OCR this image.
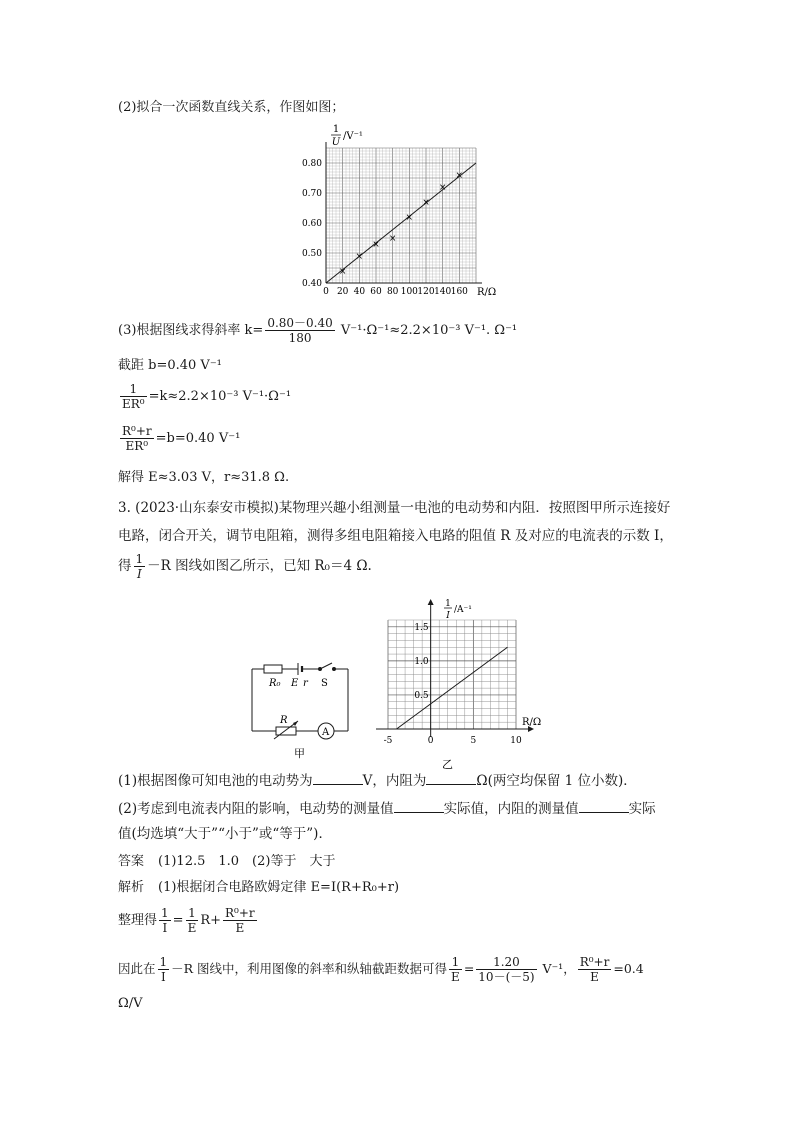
(2)拟合一次函数直线关系，作图如图；
0 20 40 60 80 100 120 140 160
0.40
0.50
0.60
0.70
0.80
×
×
×
×
×
×
×
×
1
U
/V⁻¹
R/Ω
(3)根据图线求得斜率 $k= \frac{0.80-0.40}{180} V^{-1}\cdot\Omega^{-1}\approx 2.2\times 10^{-3}$ V⁻¹. Ω⁻¹
截距 b=0.40 V⁻¹
$\frac{1}{\text{ER⁰}} =k\approx 2.2\times 10^{-3}$ V⁻¹·Ω⁻¹
$\frac{\text{R⁰+r}}{\text{ER⁰}} =b=0.40$ V⁻¹
解得 E≈3.03 V，r≈31.8 Ω.
3. (2023·山东泰安市模拟)某物理兴趣小组测量一电池的电动势和内阻．按照图甲所示连接好
电路，闭合开关，调节电阻箱，测得多组电阻箱接入电路的阻值 R 及对应的电流表的示数 I，
得 $\frac{1}{I} -R$ 图线如图乙所示，已知 R₀＝4 Ω.
R₀ E r S
R
A
甲
-5	0	5	10
0.5
1.0
1.5
1
I
/A⁻¹
R/Ω
乙
(1)根据图像可知电池的电动势为	V，内阻为	Ω(两空均保留 1 位小数)．
(2)考虑到电流表内阻的影响，电动势的测量值	实际值，内阻的测量值	实际
值(均选填“大于”“小于”或“等于”)．
答案 (1)12.5　1.0　(2)等于　大于
解析 (1)根据闭合电路欧姆定律 E=I(R+R₀+r)
整理得 $\frac{1}{I} = \frac{1}{E} R+ \frac{\text{R⁰+r}}{E}$
因此在 $\frac{1}{I} -R$ 图线中，利用图像的斜率和纵轴截距数据可得 $\frac{1}{E} = \frac{1.20}{10-(-5)} V^{-1}$， $\frac{\text{R⁰+r}}{E} =0.4$
Ω/V
